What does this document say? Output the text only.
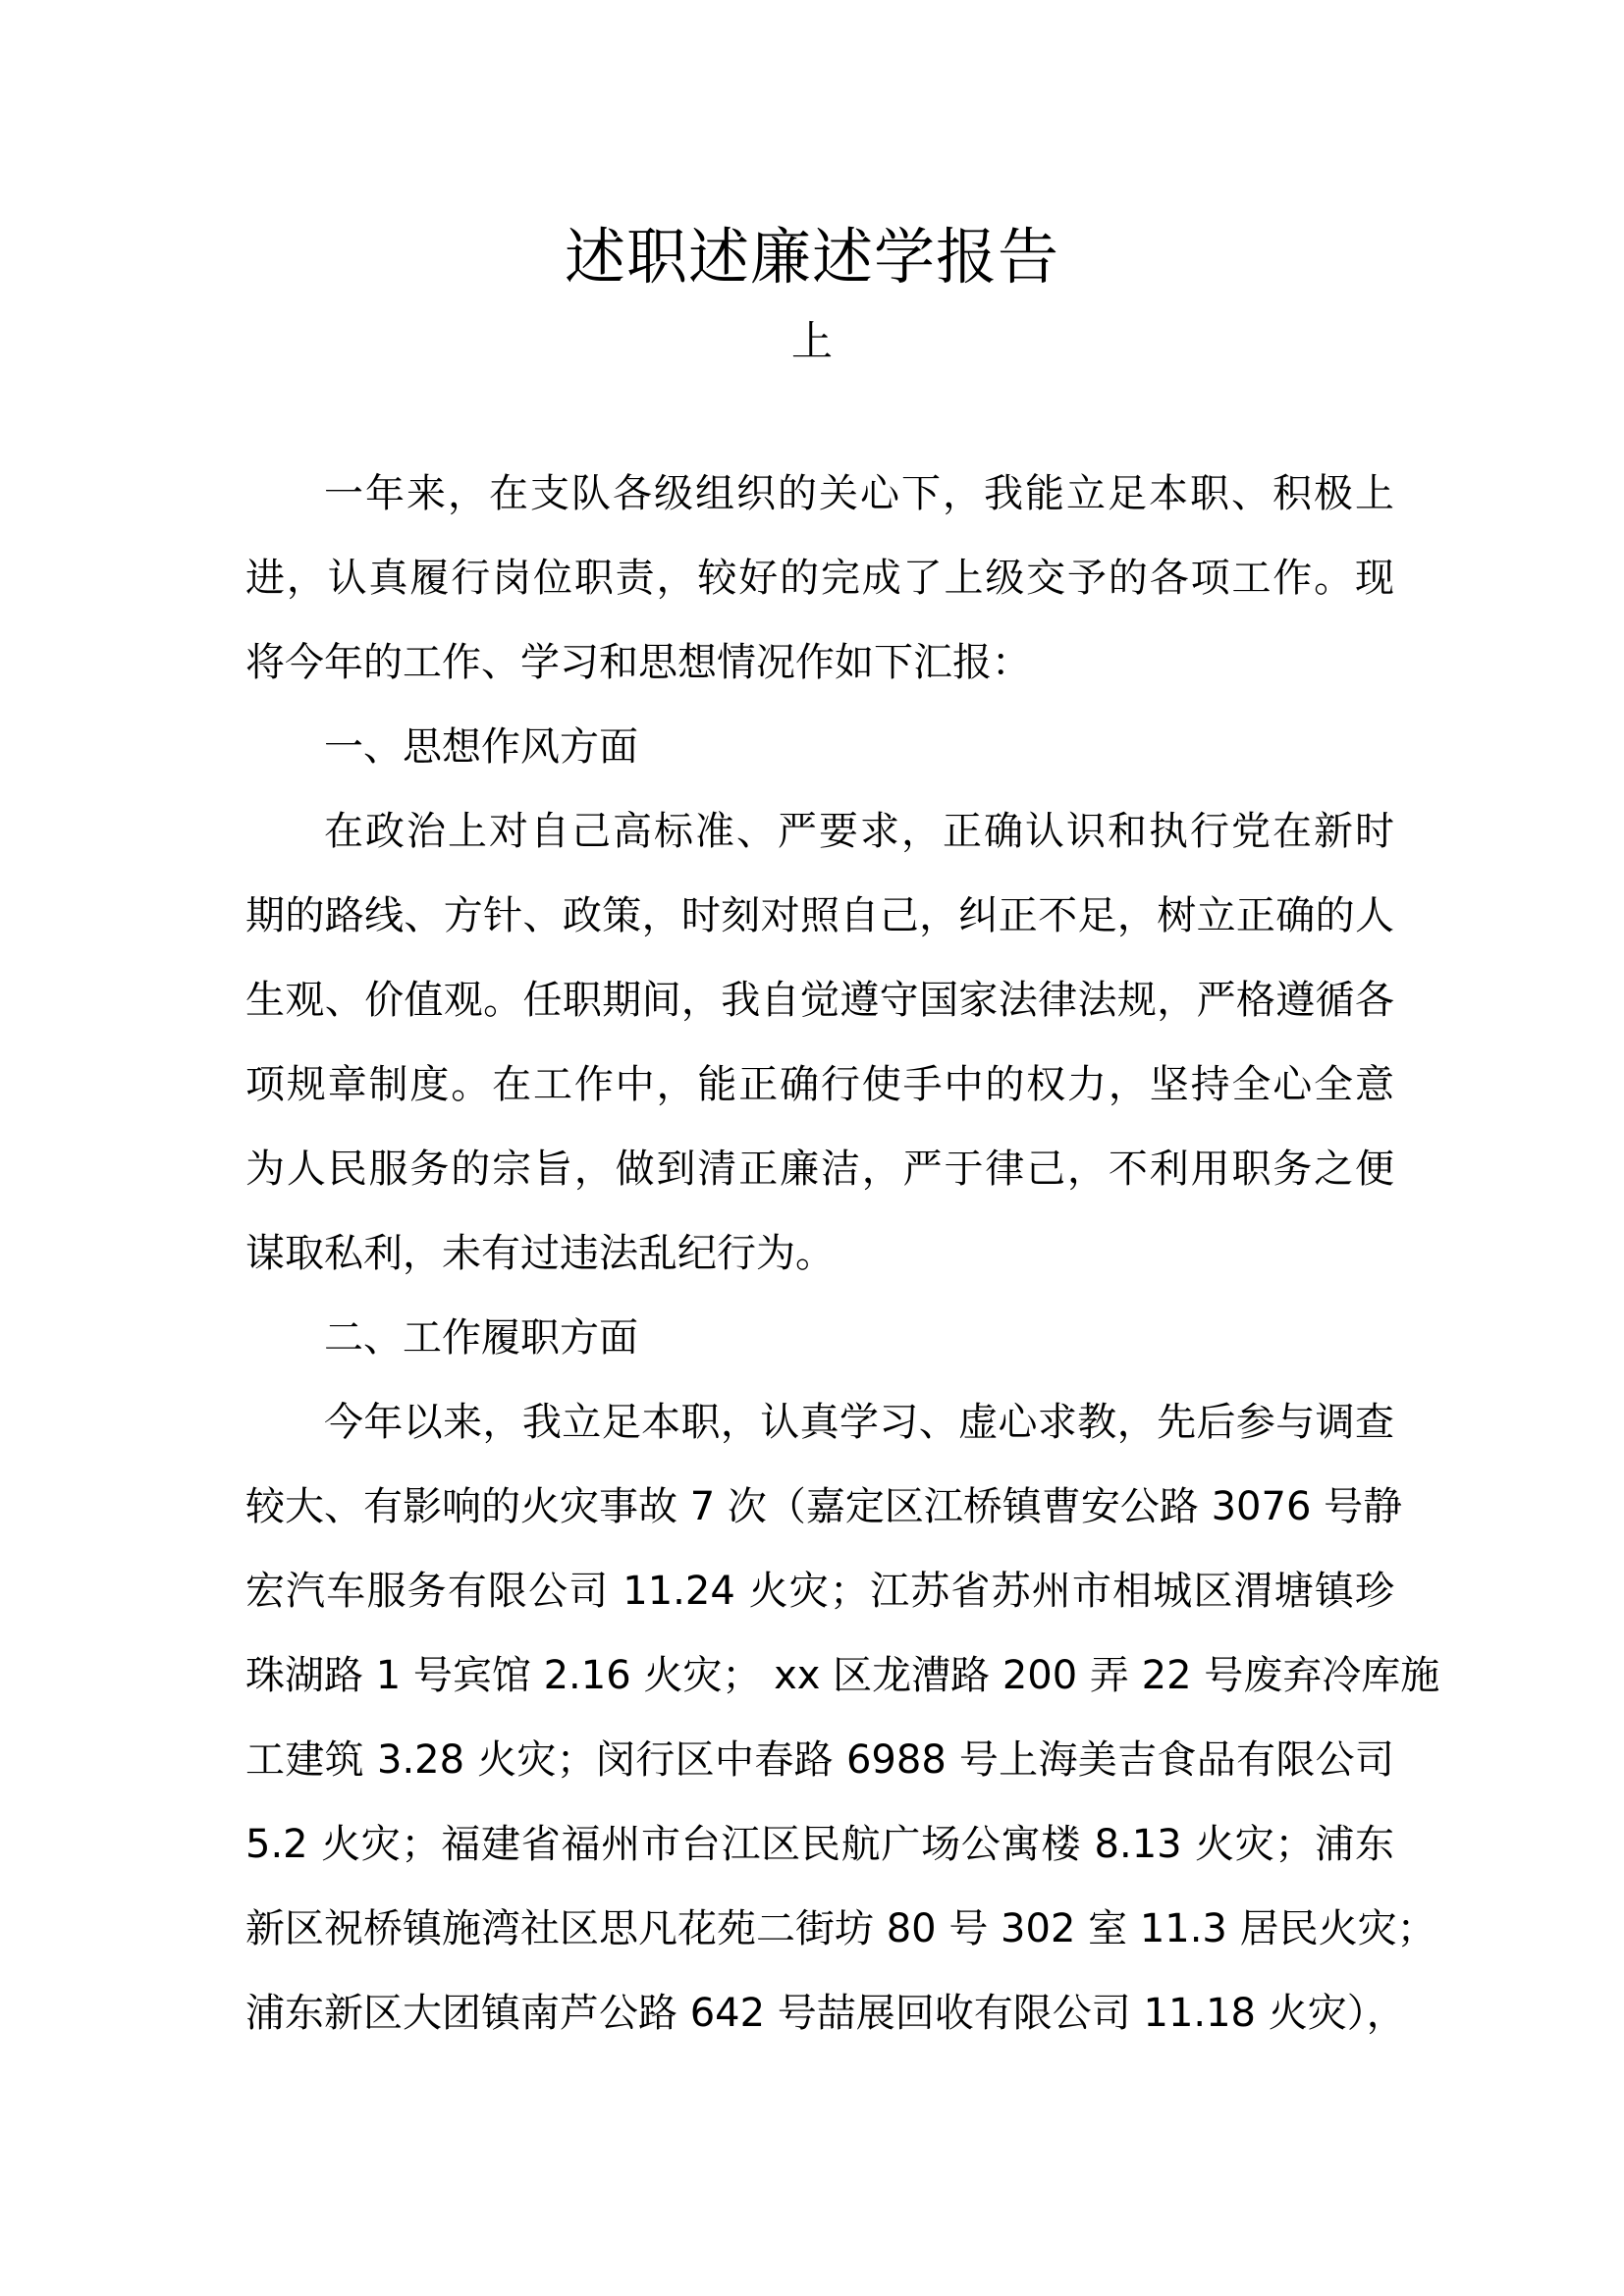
述职述廉述学报告
上
一年来，在支队各级组织的关心下，我能立足本职、积极上
进，认真履行岗位职责，较好的完成了上级交予的各项工作。现
将今年的工作、学习和思想情况作如下汇报：
一、思想作风方面
在政治上对自己高标准、严要求，正确认识和执行党在新时
期的路线、方针、政策，时刻对照自己，纠正不足，树立正确的人
生观、价值观。任职期间，我自觉遵守国家法律法规，严格遵循各
项规章制度。在工作中，能正确行使手中的权力，坚持全心全意
为人民服务的宗旨，做到清正廉洁，严于律己，不利用职务之便
谋取私利，未有过违法乱纪行为。
二、工作履职方面
今年以来，我立足本职，认真学习、虚心求教，先后参与调查
较大、有影响的火灾事故 7 次（嘉定区江桥镇曹安公路 3076 号静
宏汽车服务有限公司 11.24 火灾；江苏省苏州市相城区渭塘镇珍
珠湖路 1 号宾馆 2.16 火灾； xx 区龙漕路 200 弄 22 号废弃冷库施
工建筑 3.28 火灾；闵行区中春路 6988 号上海美吉食品有限公司
5.2 火灾；福建省福州市台江区民航广场公寓楼 8.13 火灾；浦东
新区祝桥镇施湾社区思凡花苑二街坊 80 号 302 室 11.3 居民火灾；
浦东新区大团镇南芦公路 642 号喆展回收有限公司 11.18 火灾），
